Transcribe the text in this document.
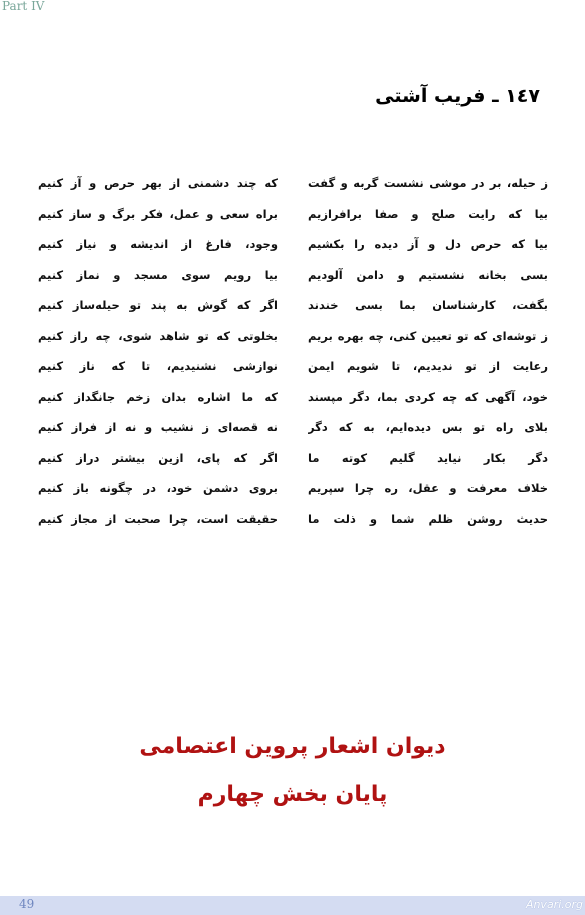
Part IV
١٤٧ ـ فریب آشتی
ز حیله، بر در موشی نشست گربه و گفت
که چند دشمنی از بهر حرص و آز کنیم
بیا که رایت صلح و صفا برافرازیم
براه سعی و عمل، فکر برگ و ساز کنیم
بیا که حرص دل و آز دیده را بکشیم
وجود، فارغ از اندیشه و نیاز کنیم
بسی بخانه نشستیم و دامن آلودیم
بیا رویم سوی مسجد و نماز کنیم
بگفت، کارشناسان بما بسی خندند
اگر که گوش به پند تو حیله‌ساز کنیم
ز توشه‌ای که تو تعیین کنی، چه بهره بریم
بخلوتی که تو شاهد شوی، چه راز کنیم
رعایت از تو ندیدیم، تا شویم ایمن
نوازشی نشنیدیم، تا که ناز کنیم
خود، آگهی که چه کردی بما، دگر مپسند
که ما اشاره بدان زخم جانگداز کنیم
بلای راه تو بس دیده‌ایم، به که دگر
نه قصه‌ای ز نشیب و نه از فراز کنیم
دگر بکار نیاید گلیم کوته ما
اگر که پای، ازین بیشتر دراز کنیم
خلاف معرفت و عقل، ره چرا سپریم
بروی دشمن خود، در چگونه باز کنیم
حدیث روشن ظلم شما و ذلت ما
حقیقت است، چرا صحبت از مجاز کنیم
دیوان اشعار پروین اعتصامی
پایان بخش چهارم
49	Anvari.org
